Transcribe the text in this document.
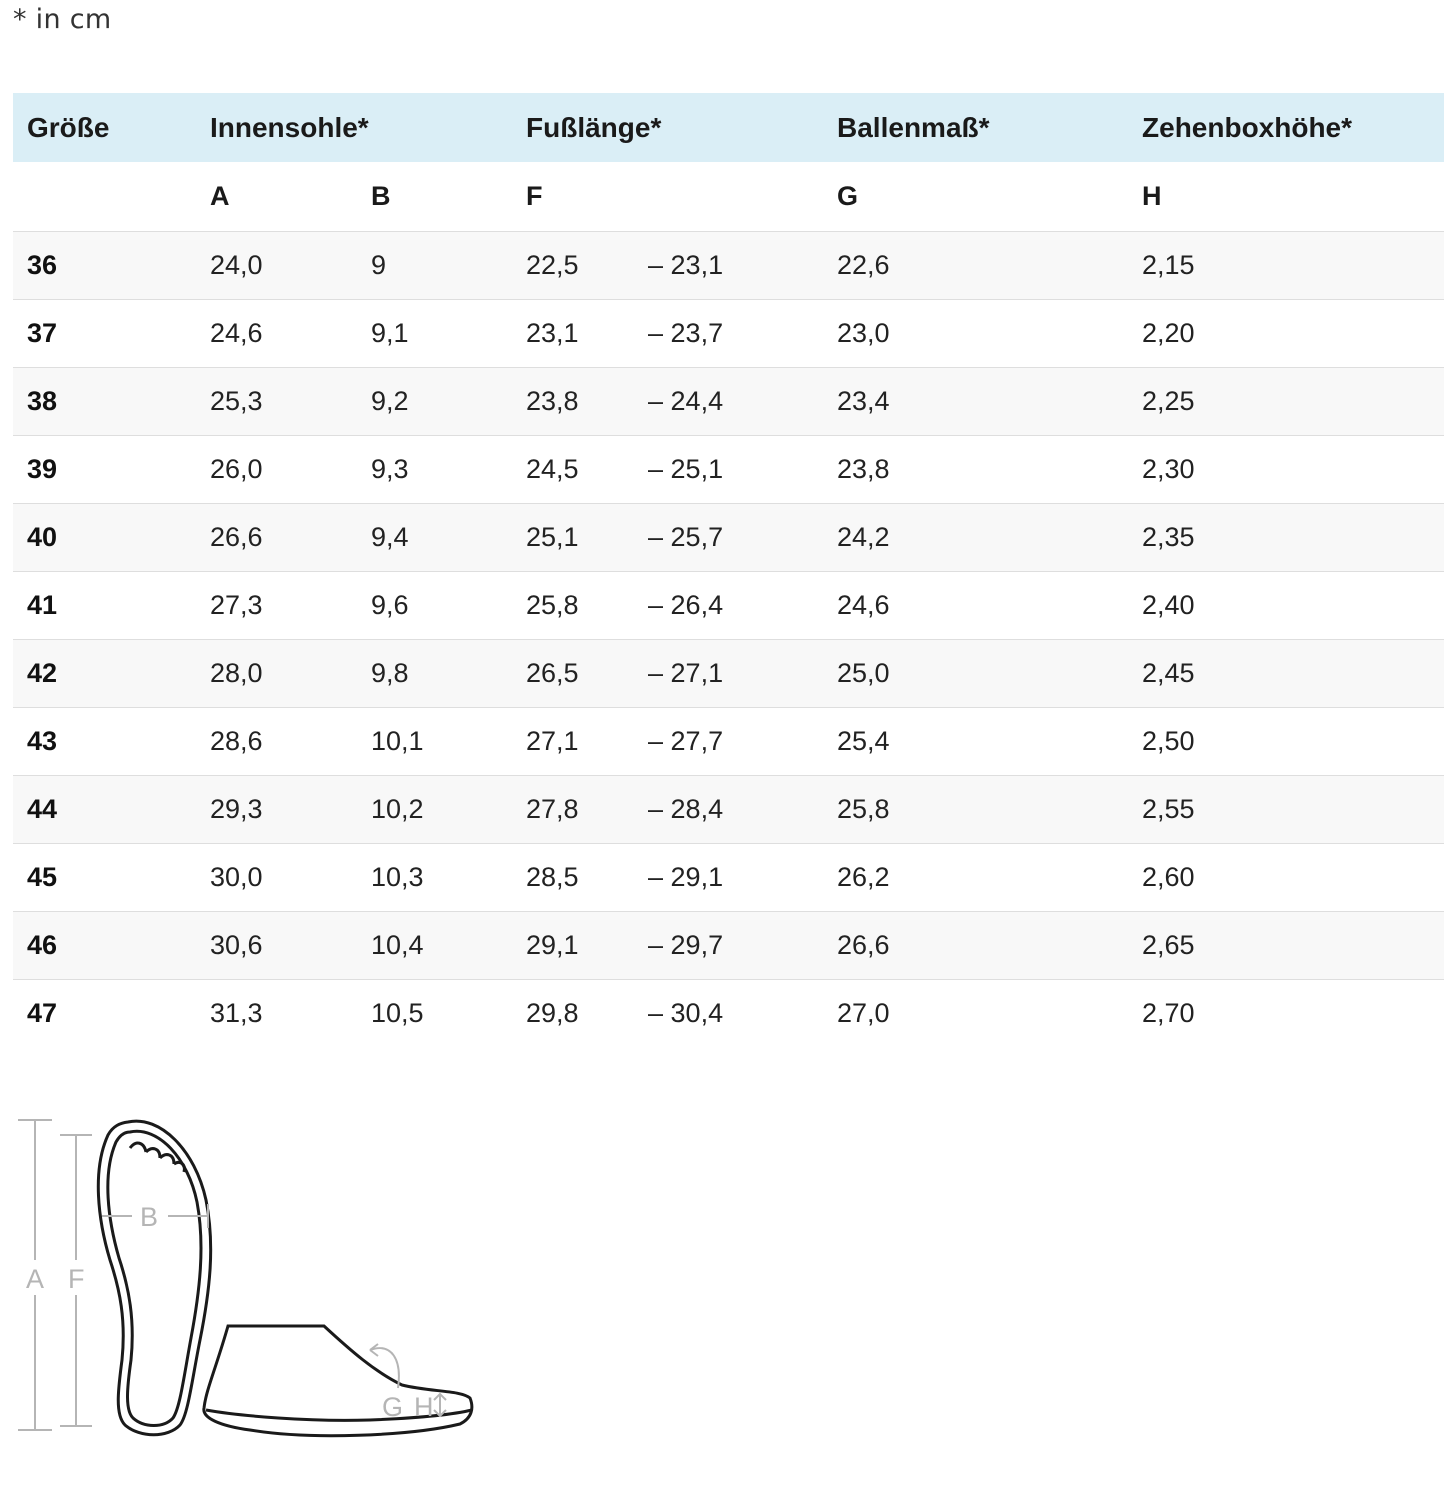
* in cm
Größe	Innensohle*		Fußlänge*		Ballenmaß*	Zehenboxhöhe*
	A	B	F		G	H
36	24,0	9	22,5	– 23,1	22,6	2,15
37	24,6	9,1	23,1	– 23,7	23,0	2,20
38	25,3	9,2	23,8	– 24,4	23,4	2,25
39	26,0	9,3	24,5	– 25,1	23,8	2,30
40	26,6	9,4	25,1	– 25,7	24,2	2,35
41	27,3	9,6	25,8	– 26,4	24,6	2,40
42	28,0	9,8	26,5	– 27,1	25,0	2,45
43	28,6	10,1	27,1	– 27,7	25,4	2,50
44	29,3	10,2	27,8	– 28,4	25,8	2,55
45	30,0	10,3	28,5	– 29,1	26,2	2,60
46	30,6	10,4	29,1	– 29,7	26,6	2,65
47	31,3	10,5	29,8	– 30,4	27,0	2,70
A F
B
G H
